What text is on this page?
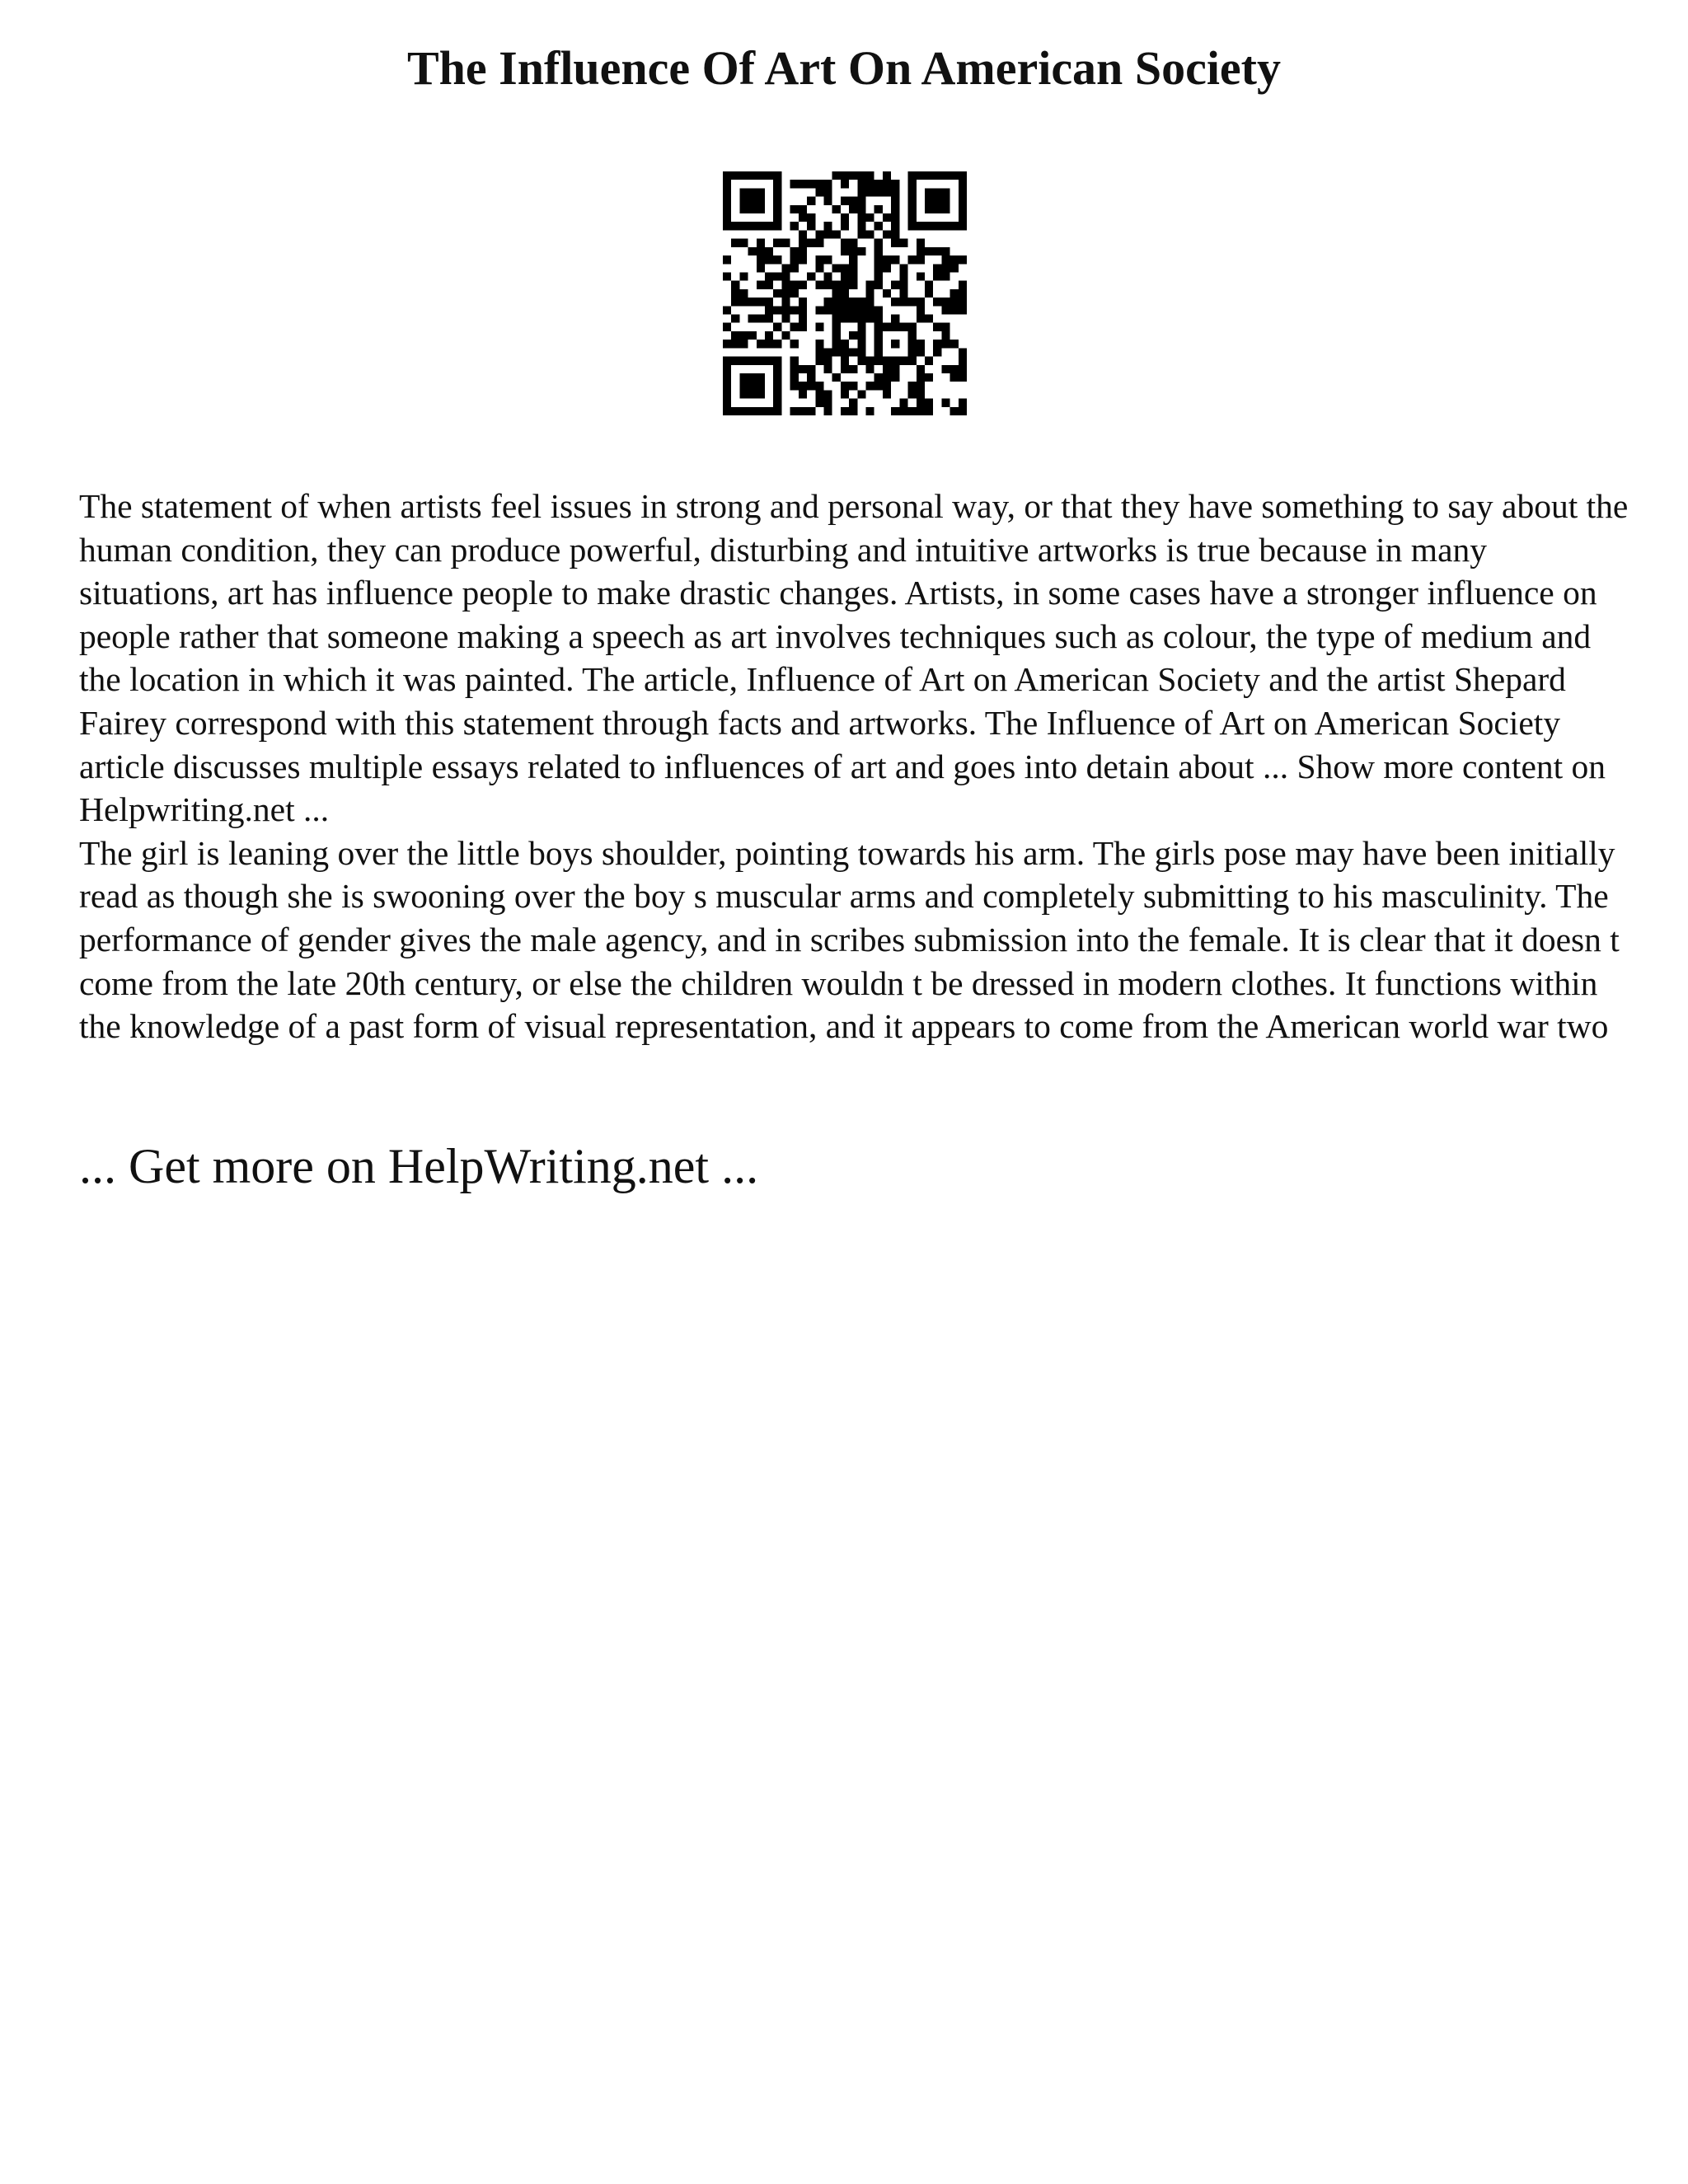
The Influence Of Art On American Society

The statement of when artists feel issues in strong and personal way, or that they have something to say about the human condition, they can produce powerful, disturbing and intuitive artworks is true because in many situations, art has influence people to make drastic changes. Artists, in some cases have a stronger influence on people rather that someone making a speech as art involves techniques such as colour, the type of medium and the location in which it was painted. The article, Influence of Art on American Society and the artist Shepard Fairey correspond with this statement through facts and artworks. The Influence of Art on American Society article discusses multiple essays related to influences of art and goes into detain about ... Show more content on Helpwriting.net ...

The girl is leaning over the little boys shoulder, pointing towards his arm. The girls pose may have been initially read as though she is swooning over the boy s muscular arms and completely submitting to his masculinity. The performance of gender gives the male agency, and in scribes submission into the female. It is clear that it doesn t come from the late 20th century, or else the children wouldn t be dressed in modern clothes. It functions within the knowledge of a past form of visual representation, and it appears to come from the American world war two

... Get more on HelpWriting.net ...
